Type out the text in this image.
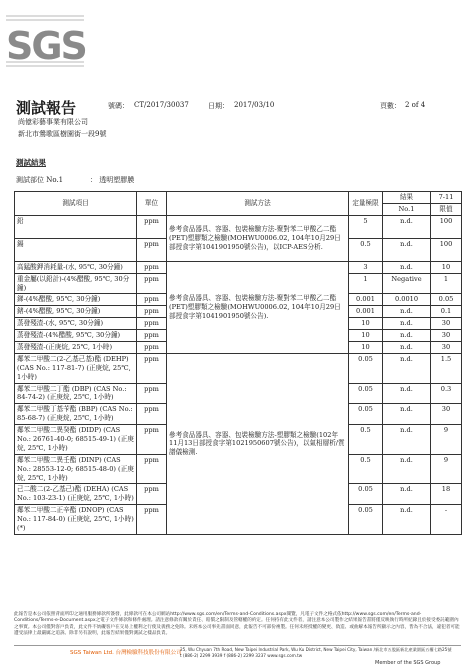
SGS
測試報告	號碼： CT/2017/30037	日期： 2017/03/10	頁數： 2 of 4
尚億彩藝事業有限公司
新北市鶯歌區樹園街一段9號
測試結果
測試部位 No.1	： 透明塑膠膜
測試項目	單位	測試方法	定量極限	結果	7-11
				No.1	限值
鉛	ppm	參考食品器具、容器、包裝檢驗方法-聚對苯二甲酸乙二酯(PET)塑膠類之檢驗(MOHWU0006.02, 104年10月29日部授食字第1041901950號公告)，以ICP-AES分析.	5	n.d.	100
鎘	ppm		0.5	n.d.	100
高錳酸鉀消耗量-(水, 95℃, 30分鐘)	ppm	參考食品器具、容器、包裝檢驗方法-聚對苯二甲酸乙二酯(PET)塑膠類之檢驗(MOHWU0006.02, 104年10月29日部授食字第1041901950號公告).	3	n.d.	10
重金屬(以鉛計)-(4%醋酸, 95℃, 30分鐘)	ppm		1	Negative	1
銻-(4%醋酸, 95℃, 30分鐘)	ppm		0.001	0.0010	0.05
鍺-(4%醋酸, 95℃, 30分鐘)	ppm		0.001	n.d.	0.1
蒸發殘渣-(水, 95℃, 30分鐘)	ppm		10	n.d.	30
蒸發殘渣-(4%醋酸, 95℃, 30分鐘)	ppm		10	n.d.	30
蒸發殘渣-(正庚烷, 25℃, 1小時)	ppm		10	n.d.	30
鄰苯二甲酸二(2-乙基己基)酯 (DEHP) (CAS No.: 117-81-7) (正庚烷, 25℃, 1小時)	ppm	參考食品器具、容器、包裝檢驗方法-塑膠類之檢驗(102年11月13日部授食字第1021950607號公告)，以氣相層析/質譜儀檢測.	0.05	n.d.	1.5
鄰苯二甲酸二丁酯 (DBP) (CAS No.: 84-74-2) (正庚烷, 25℃, 1小時)	ppm		0.05	n.d.	0.3
鄰苯二甲酸丁基苄酯 (BBP) (CAS No.: 85-68-7) (正庚烷, 25℃, 1小時)	ppm		0.05	n.d.	30
鄰苯二甲酸二異癸酯 (DIDP) (CAS No.: 26761-40-0; 68515-49-1) (正庚烷, 25℃, 1小時)	ppm		0.5	n.d.	9
鄰苯二甲酸二異壬酯 (DINP) (CAS No.: 28553-12-0; 68515-48-0) (正庚烷, 25℃, 1小時)	ppm		0.5	n.d.	9
己二酸二(2-乙基己)酯 (DEHA) (CAS No.: 103-23-1) (正庚烷, 25℃, 1小時)	ppm		0.05	n.d.	18
鄰苯二甲酸二正辛酯 (DNOP) (CAS No.: 117-84-0) (正庚烷, 25℃, 1小時)(*)	ppm		0.05	n.d.	-
此報告是本公司依照背面所印之通用服務條款所簽發，此條款可在本公司網站http://www.sgs.com/en/Terms-and-Conditions.aspx閱覽，凡電子文件之格式依http://www.sgs.com/en/Terms-and-Conditions/Terms-e-Document.aspx之電子文件條款和條件處理。請注意條款有關於責任、賠償之限制及管轄權的約定。任何持有此文件者，請注意本公司製作之結果報告書將僅反映執行時所紀錄且於接受委託範圍內之事實。本公司僅對客戶負責，此文件不妨礙客戶在交易上權利之行使及義務之免除。未經本公司事先書面同意，此報告不可部份複製。任何未經授權的變更、偽造、或曲解本報告所顯示之內容，皆為不合法，違犯者可能遭受法律上最嚴厲之追訴。除非另有說明，此報告結果僅對測試之樣品負責。
SGS Taiwan Ltd. 台灣檢驗科技股份有限公司
25, Wu Chyuan 7th Road, New Taipei Industrial Park, Wu Ku District, New Taipei City, Taiwan /新北市五股區新北產業園區五權七路25號
t (886-2) 2299 3939 f (886-2) 2299 3237 www.sgs.com.tw
Member of the SGS Group
